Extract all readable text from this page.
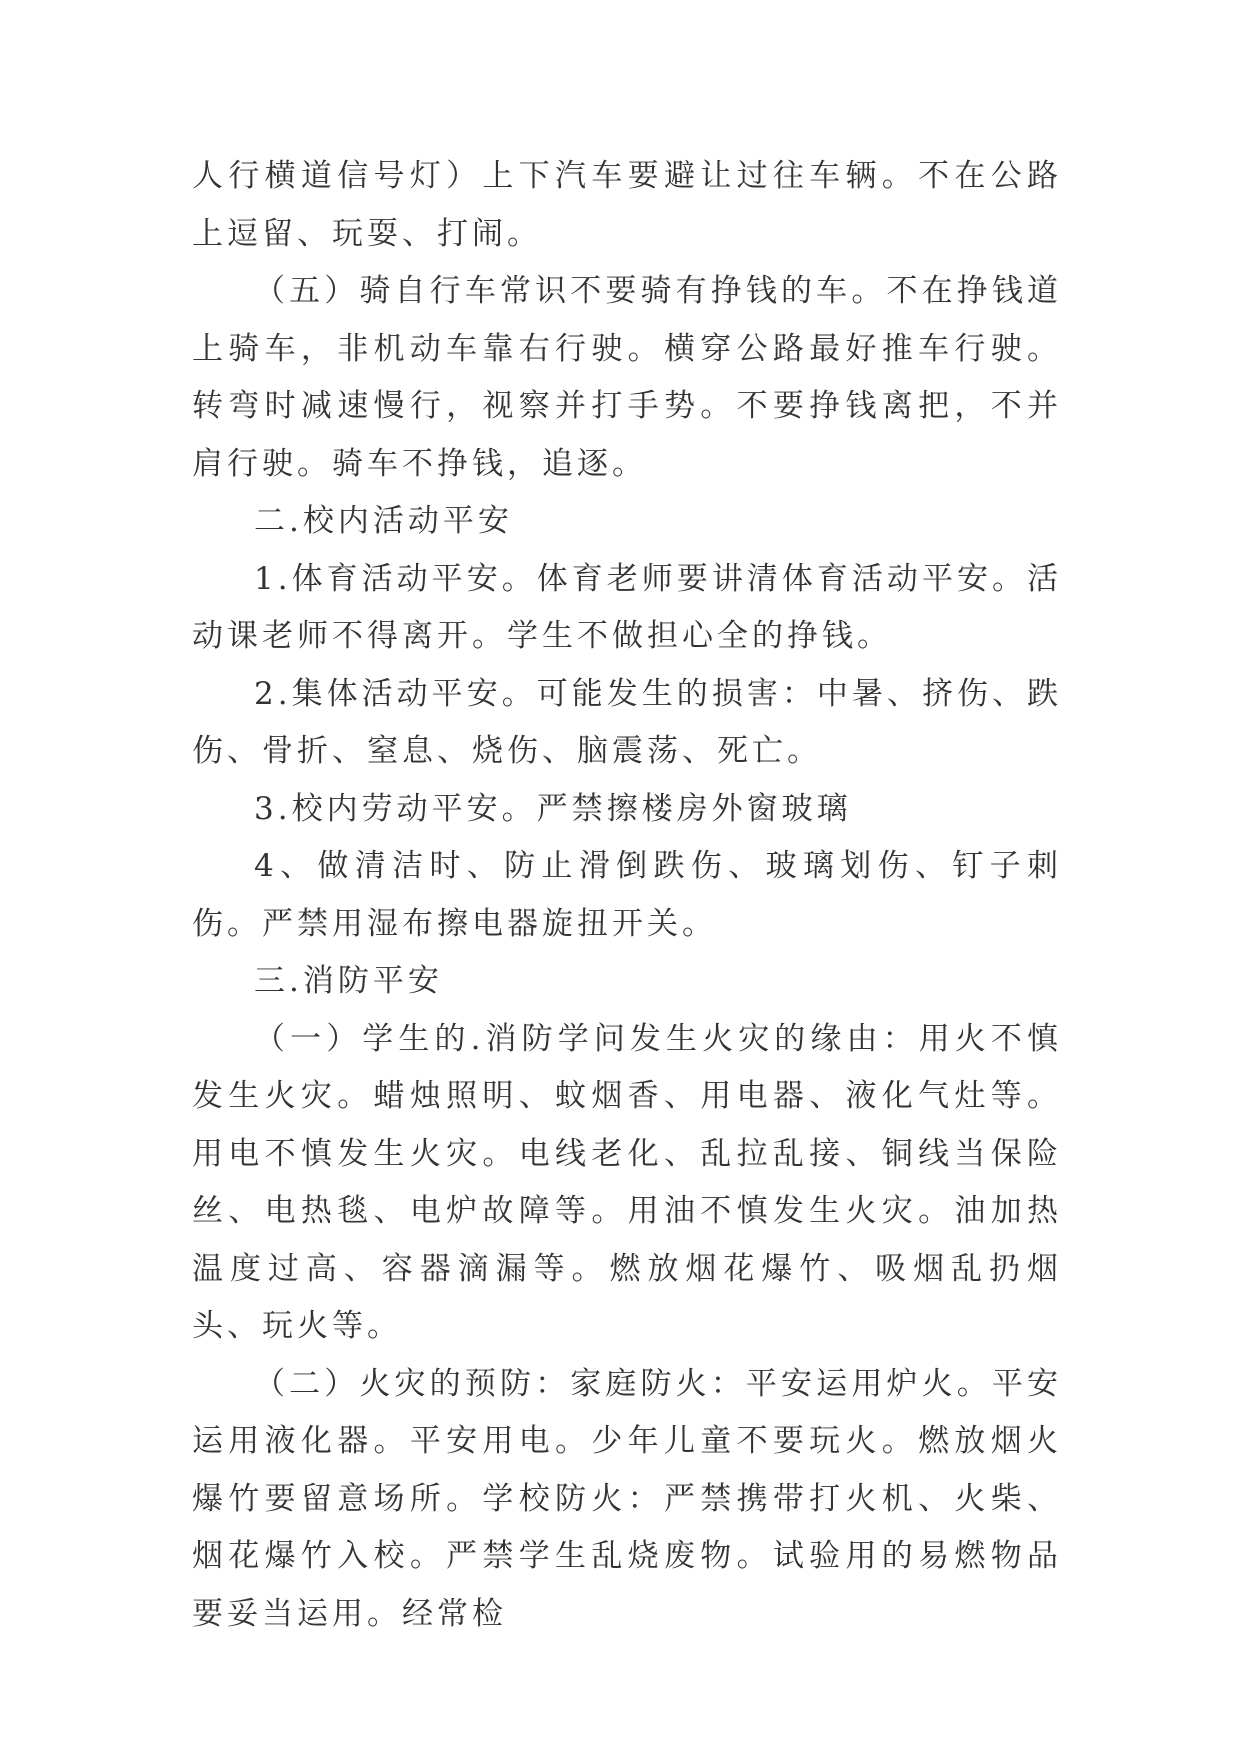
人行横道信号灯）上下汽车要避让过往车辆。不在公路上逗留、玩耍、打闹。

（五）骑自行车常识不要骑有挣钱的车。不在挣钱道上骑车，非机动车靠右行驶。横穿公路最好推车行驶。转弯时减速慢行，视察并打手势。不要挣钱离把，不并肩行驶。骑车不挣钱，追逐。

二.校内活动平安

1.体育活动平安。体育老师要讲清体育活动平安。活动课老师不得离开。学生不做担心全的挣钱。

2.集体活动平安。可能发生的损害：中暑、挤伤、跌伤、骨折、窒息、烧伤、脑震荡、死亡。

3.校内劳动平安。严禁擦楼房外窗玻璃

4、做清洁时、防止滑倒跌伤、玻璃划伤、钉子刺伤。严禁用湿布擦电器旋扭开关。

三.消防平安

（一）学生的.消防学问发生火灾的缘由：用火不慎发生火灾。蜡烛照明、蚊烟香、用电器、液化气灶等。用电不慎发生火灾。电线老化、乱拉乱接、铜线当保险丝、电热毯、电炉故障等。用油不慎发生火灾。油加热温度过高、容器滴漏等。燃放烟花爆竹、吸烟乱扔烟头、玩火等。

（二）火灾的预防：家庭防火：平安运用炉火。平安运用液化器。平安用电。少年儿童不要玩火。燃放烟火爆竹要留意场所。学校防火：严禁携带打火机、火柴、烟花爆竹入校。严禁学生乱烧废物。试验用的易燃物品要妥当运用。经常检
